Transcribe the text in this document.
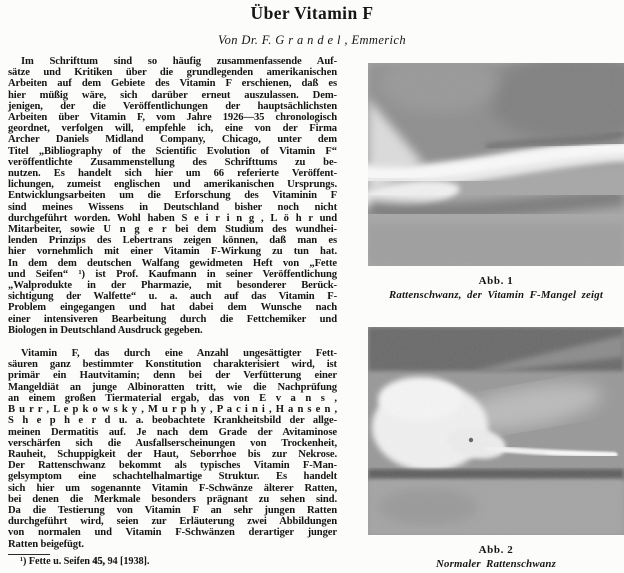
Über Vitamin F
Von Dr. F. G r a n d e l , Emmerich
Im Schrifttum sind so häufig zusammenfassende Auf-
sätze und Kritiken über die grundlegenden amerikanischen
Arbeiten auf dem Gebiete des Vitamin F erschienen, daß es
hier müßig wäre, sich darüber erneut auszulassen. Dem-
jenigen, der die Veröffentlichungen der hauptsächlichsten
Arbeiten über Vitamin F, vom Jahre 1926—35 chronologisch
geordnet, verfolgen will, empfehle ich, eine von der Firma
Archer Daniels Midland Company, Chicago, unter dem
Titel „Bibliography of the Scientific Evolution of Vitamin F“
veröffentlichte Zusammenstellung des Schrifttums zu be-
nutzen. Es handelt sich hier um 66 referierte Veröffent-
lichungen, zumeist englischen und amerikanischen Ursprungs.
Entwicklungsarbeiten um die Erforschung des Vitaminin F
sind meines Wissens in Deutschland bisher noch nicht
durchgeführt worden. Wohl haben S e i r i n g , L ö h r und
Mitarbeiter, sowie U n g e r bei dem Studium des wundhei-
lenden Prinzips des Lebertrans zeigen können, daß man es
hier vornehmlich mit einer Vitamin F-Wirkung zu tun hat.
In dem dem deutschen Walfang gewidmeten Heft von „Fette
und Seifen“ ¹) ist Prof. Kaufmann in seiner Veröffentlichung
„Walprodukte in der Pharmazie, mit besonderer Berück-
sichtigung der Walfette“ u. a. auch auf das Vitamin F-
Problem eingegangen und hat dabei dem Wunsche nach
einer intensiveren Bearbeitung durch die Fettchemiker und
Biologen in Deutschland Ausdruck gegeben.
Vitamin F, das durch eine Anzahl ungesättigter Fett-
säuren ganz bestimmter Konstitution charakterisiert wird, ist
primär ein Hautvitamin; denn bei der Verfütterung einer
Mangeldiät an junge Albinoratten tritt, wie die Nachprüfung
an einem großen Tiermaterial ergab, das von E v a n s ,
B u r r , L e p k o w s k y , M u r p h y , P a c i n i , H a n s e n ,
S h e p h e r d u. a. beobachtete Krankheitsbild der allge-
meinen Dermatitis auf. Je nach dem Grade der Avitaminose
verschärfen sich die Ausfallserscheinungen von Trockenheit,
Rauheit, Schuppigkeit der Haut, Seborrhoe bis zur Nekrose.
Der Rattenschwanz bekommt als typisches Vitamin F-Man-
gelsymptom eine schachtelhalmartige Struktur. Es handelt
sich hier um sogenannte Vitamin F-Schwänze älterer Ratten,
bei denen die Merkmale besonders prägnant zu sehen sind.
Da die Testierung von Vitamin F an sehr jungen Ratten
durchgeführt wird, seien zur Erläuterung zwei Abbildungen
von normalen und Vitamin F-Schwänzen derartiger junger
Ratten beigefügt.
¹) Fette u. Seifen 45, 94 [1938].
Abb. 1
Rattenschwanz, der Vitamin F-Mangel zeigt
Abb. 2
Normaler Rattenschwanz
